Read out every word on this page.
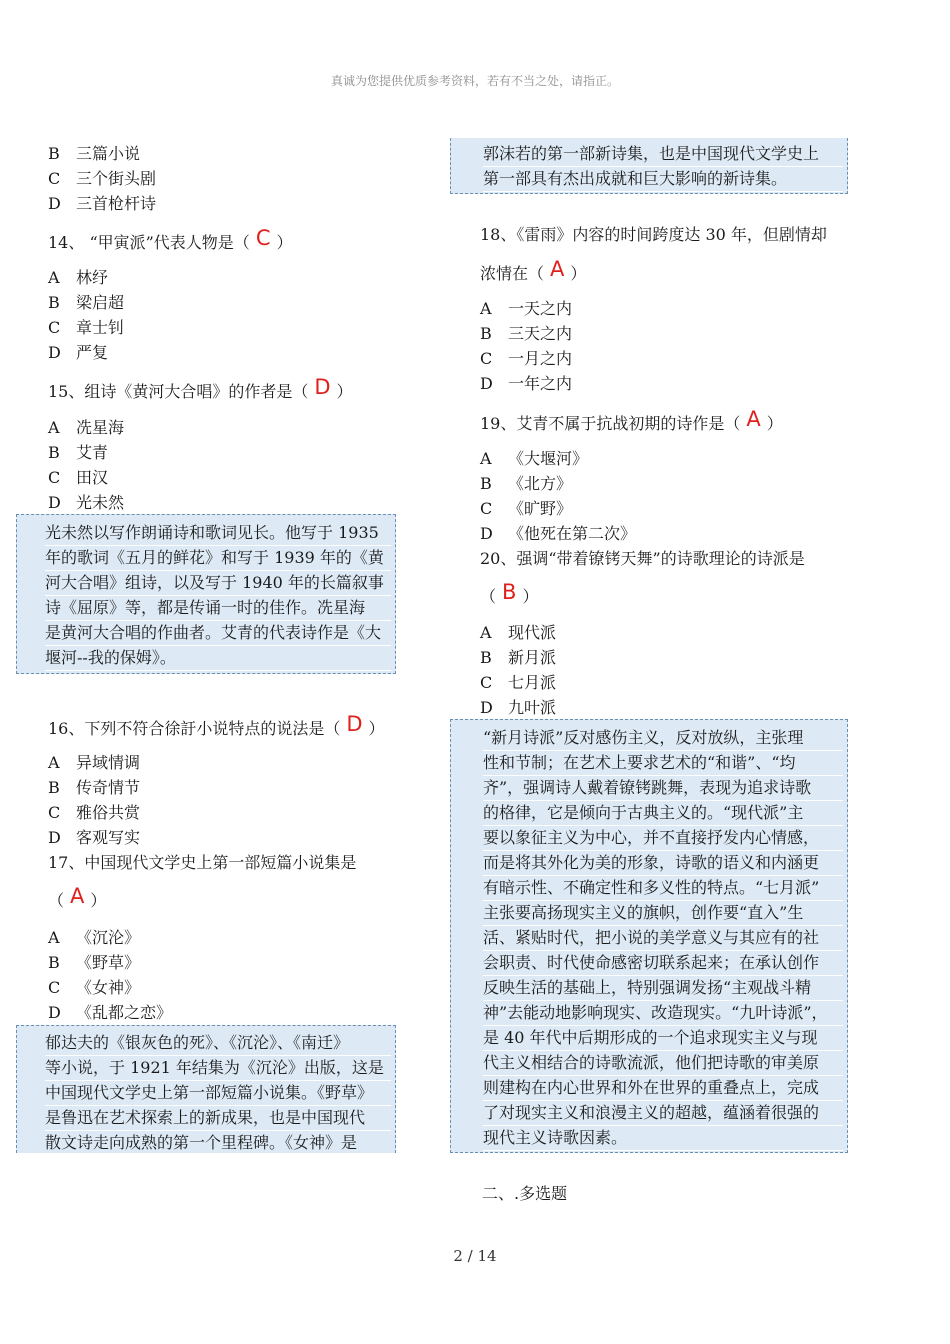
真诚为您提供优质参考资料，若有不当之处，请指正。
B 三篇小说
C 三个街头剧
D 三首枪杆诗
14、 “甲寅派”代表人物是（ C ）
A 林纾
B 梁启超
C 章士钊
D 严复
15、组诗《黄河大合唱》的作者是（ D ）
A 冼星海
B 艾青
C 田汉
D 光未然
光未然以写作朗诵诗和歌词见长。他写于 1935
年的歌词《五月的鲜花》和写于 1939 年的《黄
河大合唱》组诗，以及写于 1940 年的长篇叙事
诗《屈原》等，都是传诵一时的佳作。冼星海
是黄河大合唱的作曲者。艾青的代表诗作是《大
堰河--我的保姆》。
16、下列不符合徐訏小说特点的说法是（ D ）
A 异域情调
B 传奇情节
C 雅俗共赏
D 客观写实
17、中国现代文学史上第一部短篇小说集是
（ A ）
A 《沉沦》
B 《野草》
C 《女神》
D 《乱都之恋》
郁达夫的《银灰色的死》、《沉沦》、《南迁》
等小说，于 1921 年结集为《沉沦》出版，这是
中国现代文学史上第一部短篇小说集。《野草》
是鲁迅在艺术探索上的新成果，也是中国现代
散文诗走向成熟的第一个里程碑。《女神》是
郭沫若的第一部新诗集，也是中国现代文学史上
第一部具有杰出成就和巨大影响的新诗集。
18、《雷雨》内容的时间跨度达 30 年，但剧情却
浓情在（ A ）
A 一天之内
B 三天之内
C 一月之内
D 一年之内
19、艾青不属于抗战初期的诗作是（ A ）
A 《大堰河》
B 《北方》
C 《旷野》
D 《他死在第二次》
20、强调“带着镣铐天舞”的诗歌理论的诗派是
（ B ）
A 现代派
B 新月派
C 七月派
D 九叶派
“新月诗派”反对感伤主义，反对放纵，主张理
性和节制；在艺术上要求艺术的“和谐”、“均
齐”，强调诗人戴着镣铐跳舞，表现为追求诗歌
的格律，它是倾向于古典主义的。“现代派”主
要以象征主义为中心，并不直接抒发内心情感，
而是将其外化为美的形象，诗歌的语义和内涵更
有暗示性、不确定性和多义性的特点。“七月派”
主张要高扬现实主义的旗帜，创作要“直入”生
活、紧贴时代，把小说的美学意义与其应有的社
会职责、时代使命感密切联系起来；在承认创作
反映生活的基础上，特别强调发扬“主观战斗精
神”去能动地影响现实、改造现实。“九叶诗派”，
是 40 年代中后期形成的一个追求现实主义与现
代主义相结合的诗歌流派，他们把诗歌的审美原
则建构在内心世界和外在世界的重叠点上，完成
了对现实主义和浪漫主义的超越，蕴涵着很强的
现代主义诗歌因素。
二、.多选题
2 / 14
